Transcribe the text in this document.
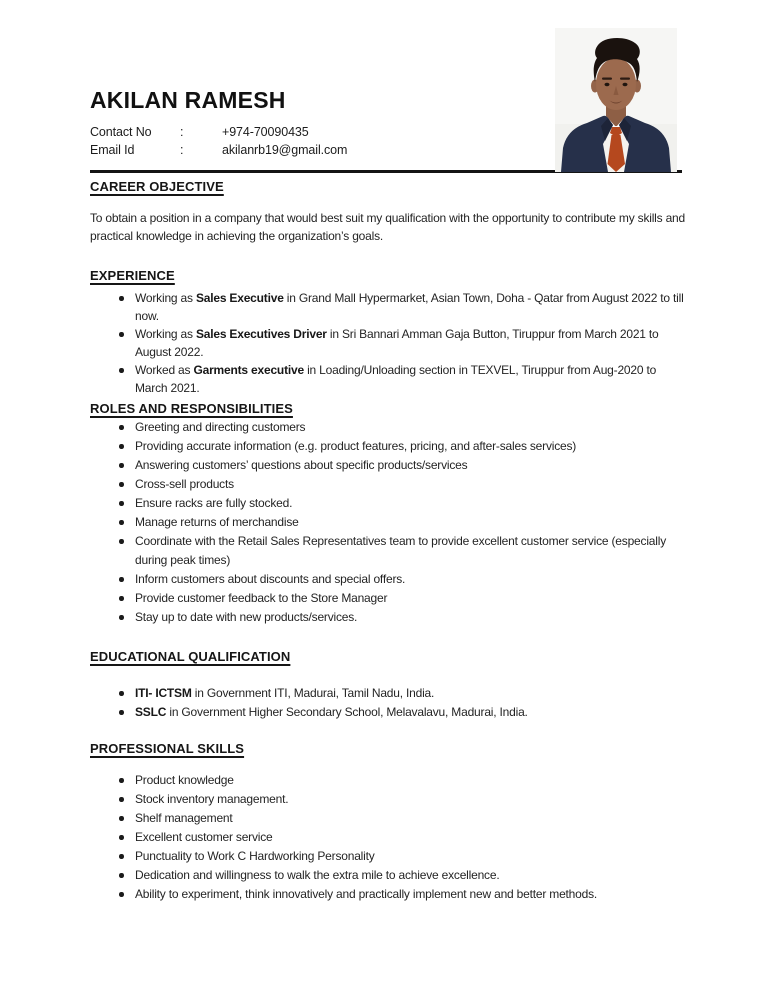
AKILAN RAMESH
Contact No	:	+974-70090435
Email Id	:	akilanrb19@gmail.com
CAREER OBJECTIVE

To obtain a position in a company that would best suit my qualification with the opportunity to contribute my skills and practical knowledge in achieving the organization’s goals.

EXPERIENCE
Working as Sales Executive in Grand Mall Hypermarket, Asian Town, Doha - Qatar from August 2022 to till now.
Working as Sales Executives Driver in Sri Bannari Amman Gaja Button, Tiruppur from March 2021 to August 2022.
Worked as Garments executive in Loading/Unloading section in TEXVEL, Tiruppur from Aug-2020 to March 2021.
ROLES AND RESPONSIBILITIES
Greeting and directing customers
Providing accurate information (e.g. product features, pricing, and after-sales services)
Answering customers’ questions about specific products/services
Cross-sell products
Ensure racks are fully stocked.
Manage returns of merchandise
Coordinate with the Retail Sales Representatives team to provide excellent customer service (especially during peak times)
Inform customers about discounts and special offers.
Provide customer feedback to the Store Manager
Stay up to date with new products/services.
EDUCATIONAL QUALIFICATION
ITI- ICTSM in Government ITI, Madurai, Tamil Nadu, India.
SSLC in Government Higher Secondary School, Melavalavu, Madurai, India.
PROFESSIONAL SKILLS
Product knowledge
Stock inventory management.
Shelf management
Excellent customer service
Punctuality to Work C Hardworking Personality
Dedication and willingness to walk the extra mile to achieve excellence.
Ability to experiment, think innovatively and practically implement new and better methods.
